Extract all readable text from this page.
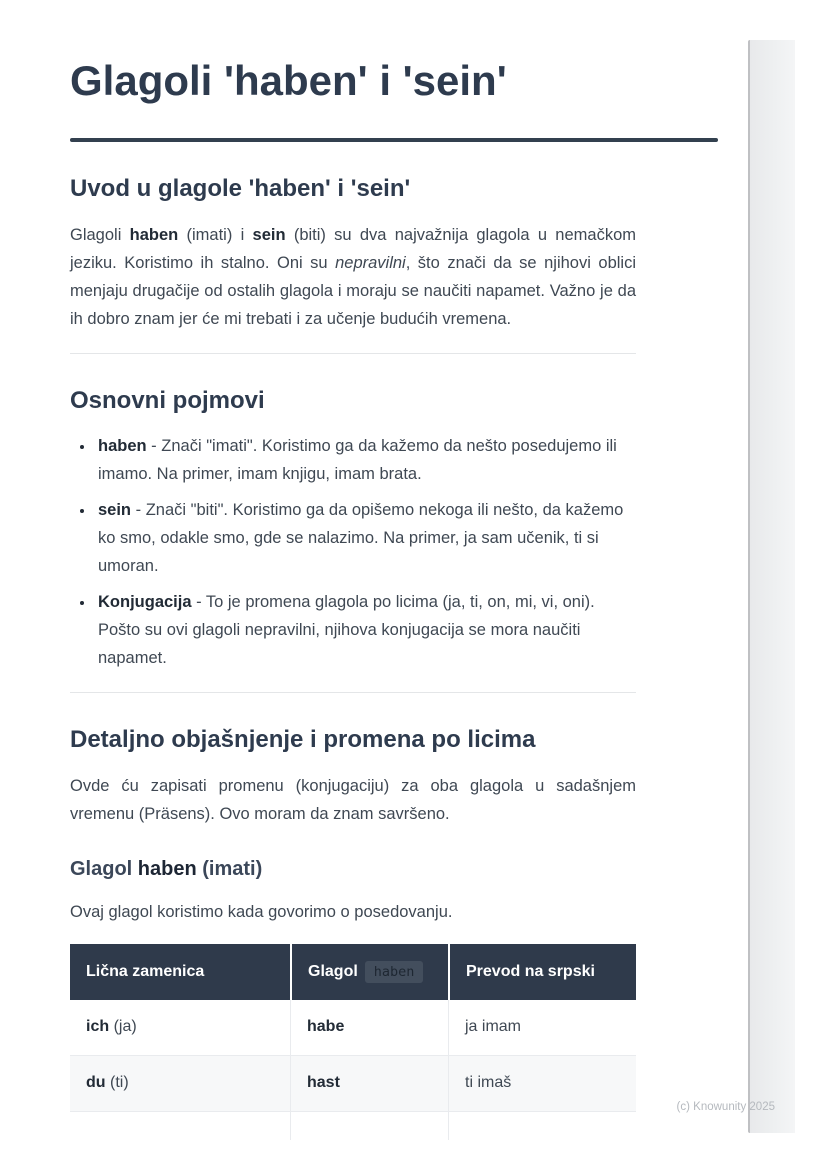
Glagoli 'haben' i 'sein'
Uvod u glagole 'haben' i 'sein'

Glagoli haben (imati) i sein (biti) su dva najvažnija glagola u nemačkom jeziku. Koristimo ih stalno. Oni su nepravilni, što znači da se njihovi oblici menjaju drugačije od ostalih glagola i moraju se naučiti napamet. Važno je da ih dobro znam jer će mi trebati i za učenje budućih vremena.

Osnovni pojmovi
• haben - Znači "imati". Koristimo ga da kažemo da nešto posedujemo ili imamo. Na primer, imam knjigu, imam brata.
• sein - Znači "biti". Koristimo ga da opišemo nekoga ili nešto, da kažemo ko smo, odakle smo, gde se nalazimo. Na primer, ja sam učenik, ti si umoran.
• Konjugacija - To je promena glagola po licima (ja, ti, on, mi, vi, oni). Pošto su ovi glagoli nepravilni, njihova konjugacija se mora naučiti napamet.
Detaljno objašnjenje i promena po licima

Ovde ću zapisati promenu (konjugaciju) za oba glagola u sadašnjem vremenu (Präsens). Ovo moram da znam savršeno.

Glagol haben (imati)

Ovaj glagol koristimo kada govorimo o posedovanju.

Lična zamenica	Glagol haben	Prevod na srpski
ich (ja)	habe	ja imam
du (ti)	hast	ti imaš

(c) Knowunity 2025
